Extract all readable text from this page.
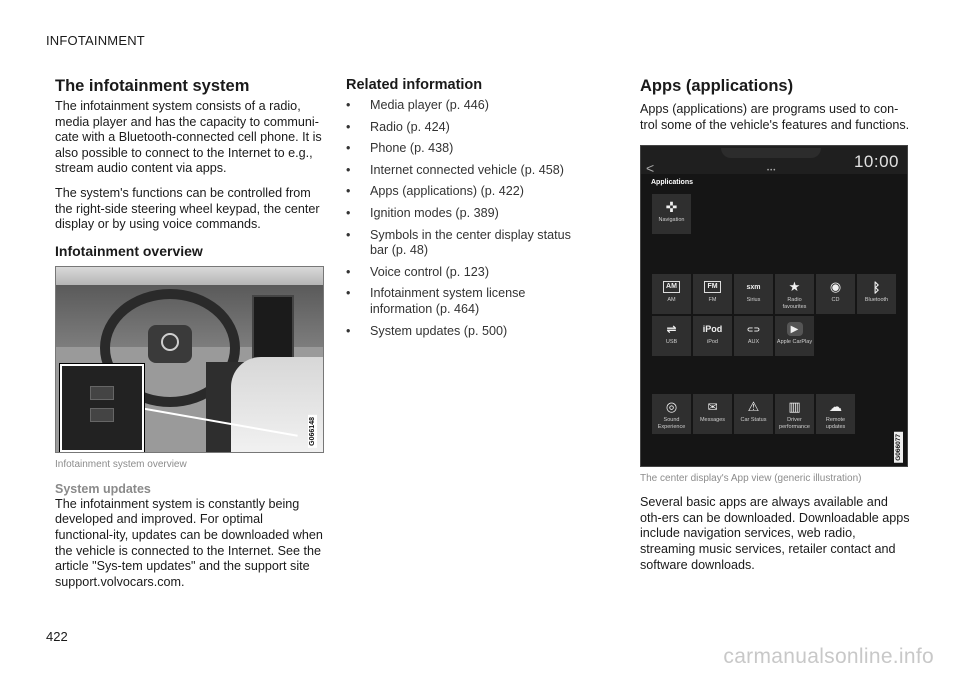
INFOTAINMENT
The infotainment system

The infotainment system consists of a radio, media player and has the capacity to communi-cate with a Bluetooth-connected cell phone. It is also possible to connect to the Internet to e.g., stream audio content via apps.

The system's functions can be controlled from the right-side steering wheel keypad, the center display or by using voice commands.

Infotainment overview
G066148
Infotainment system overview
System updates

The infotainment system is constantly being developed and improved. For optimal functional-ity, updates can be downloaded when the vehicle is connected to the Internet. See the article "Sys-tem updates" and the support site support.volvocars.com.

Related information
• Media player (p. 446)
• Radio (p. 424)
• Phone (p. 438)
• Internet connected vehicle (p. 458)
• Apps (applications) (p. 422)
• Ignition modes (p. 389)
• Symbols in the center display status bar (p. 48)
• Voice control (p. 123)
• Infotainment system license information (p. 464)
• System updates (p. 500)
Apps (applications)

Apps (applications) are programs used to con-trol some of the vehicle's features and functions.

<	•••	10:00
Applications
✜
Navigation
AM
AM
FM
FM
sxm
Sirius
★
Radio favourites
◉
CD
ᛒ
Bluetooth
⇌
USB
iPod
iPod
⊂⊃
AUX
▶
Apple CarPlay
◎
Sound Experience
✉
Messages
⚠
Car Status
▥
Driver performance
☁
Remote updates
G066077
The center display's App view (generic illustration)

Several basic apps are always available and oth-ers can be downloaded. Downloadable apps include navigation services, web radio, streaming music services, retailer contact and software downloads.

422
carmanualsonline.info
